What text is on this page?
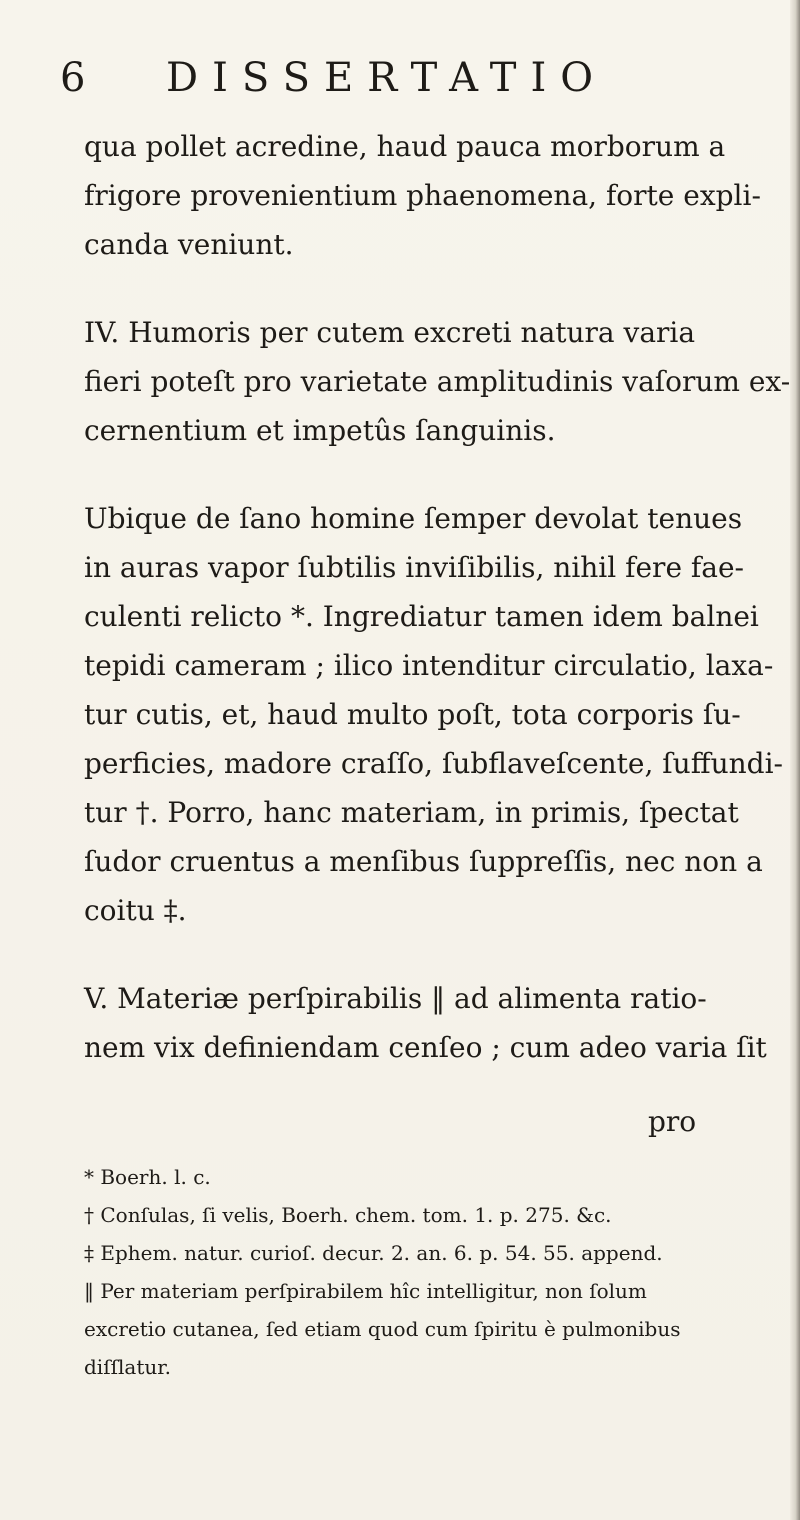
6 DISSERTATIO
qua pollet acredine, haud pauca morborum a
frigore provenientium phaenomena, forte expli-
canda veniunt.
IV. Humoris per cutem excreti natura varia
fieri poteſt pro varietate amplitudinis vaſorum ex-
cernentium et impetûs ſanguinis.
Ubique de ſano homine ſemper devolat tenues
in auras vapor ſubtilis inviſibilis, nihil fere fae-
culenti relicto *. Ingrediatur tamen idem balnei
tepidi cameram ; ilico intenditur circulatio, laxa-
tur cutis, et, haud multo poſt, tota corporis ſu-
perficies, madore craſſo, ſubflaveſcente, ſuffundi-
tur †. Porro, hanc materiam, in primis, ſpectat
ſudor cruentus a menſibus ſuppreſſis, nec non a
coitu ‡.
V. Materiæ perſpirabilis ‖ ad alimenta ratio-
nem vix definiendam cenſeo ; cum adeo varia ſit
pro
* Boerh. l. c.
† Conſulas, ſi velis, Boerh. chem. tom. 1. p. 275. &c.
‡ Ephem. natur. curioſ. decur. 2. an. 6. p. 54. 55. append.
‖ Per materiam perſpirabilem hîc intelligitur, non ſolum
excretio cutanea, ſed etiam quod cum ſpiritu è pulmonibus
diſſlatur.
